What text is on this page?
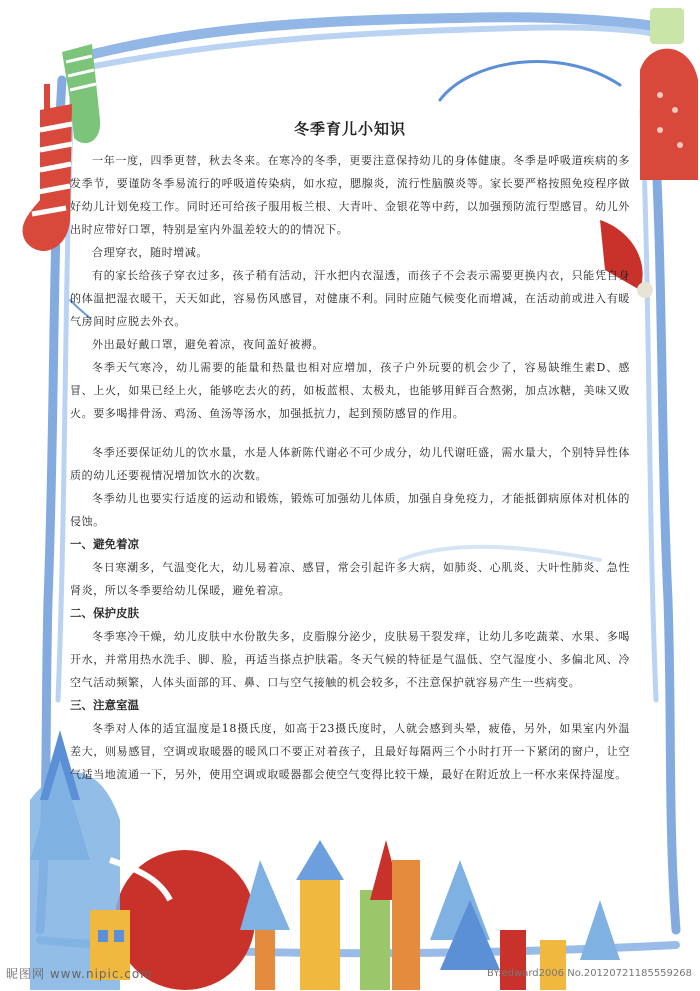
冬季育儿小知识

一年一度，四季更替，秋去冬来。在寒冷的冬季，更要注意保持幼儿的身体健康。冬季是呼吸道疾病的多发季节，要谨防冬季易流行的呼吸道传染病，如水痘，腮腺炎，流行性脑膜炎等。家长要严格按照免疫程序做好幼儿计划免疫工作。同时还可给孩子服用板兰根、大青叶、金银花等中药，以加强预防流行型感冒。幼儿外出时应带好口罩，特别是室内外温差较大的的情况下。

合理穿衣，随时增减。

有的家长给孩子穿衣过多，孩子稍有活动，汗水把内衣湿透，而孩子不会表示需要更换内衣，只能凭自身的体温把湿衣暖干，天天如此，容易伤风感冒，对健康不利。同时应随气候变化而增减，在活动前或进入有暖气房间时应脱去外衣。

外出最好戴口罩，避免着凉，夜间盖好被褥。

冬季天气寒冷，幼儿需要的能量和热量也相对应增加，孩子户外玩要的机会少了，容易缺维生素D、感冒、上火，如果已经上火，能够吃去火的药，如板蓝根、太极丸，也能够用鲜百合熬粥，加点冰糖，美味又败火。要多喝排骨汤、鸡汤、鱼汤等汤水，加强抵抗力，起到预防感冒的作用。

冬季还要保证幼儿的饮水量，水是人体新陈代谢必不可少成分，幼儿代谢旺盛，需水量大，个别特异性体质的幼儿还要视情况增加饮水的次数。

冬季幼儿也要实行适度的运动和锻炼，锻炼可加强幼儿体质，加强自身免疫力，才能抵御病原体对机体的侵蚀。

一、避免着凉

冬日寒潮多，气温变化大，幼儿易着凉、感冒，常会引起许多大病，如肺炎、心肌炎、大叶性肺炎、急性肾炎，所以冬季要给幼儿保暖，避免着凉。

二、保护皮肤

冬季寒冷干燥，幼儿皮肤中水份散失多，皮脂腺分泌少，皮肤易干裂发痒，让幼儿多吃蔬菜、水果、多喝开水，并常用热水洗手、脚、脸，再适当搽点护肤霜。冬天气候的特征是气温低、空气湿度小、多偏北风、冷空气活动频繁，人体头面部的耳、鼻、口与空气接触的机会较多，不注意保护就容易产生一些病变。

三、注意室温

冬季对人体的适宜温度是18摄氏度，如高于23摄氏度时，人就会感到头晕，疲倦，另外，如果室内外温差大，则易感冒，空调或取暖器的暖风口不要正对着孩子，且最好每隔两三个小时打开一下紧闭的窗户，让空气适当地流通一下，另外，使用空调或取暖器都会使空气变得比较干燥，最好在附近放上一杯水来保持湿度。

昵图网 www.nipic.com	BY:edward2006 No.20120721185559268
